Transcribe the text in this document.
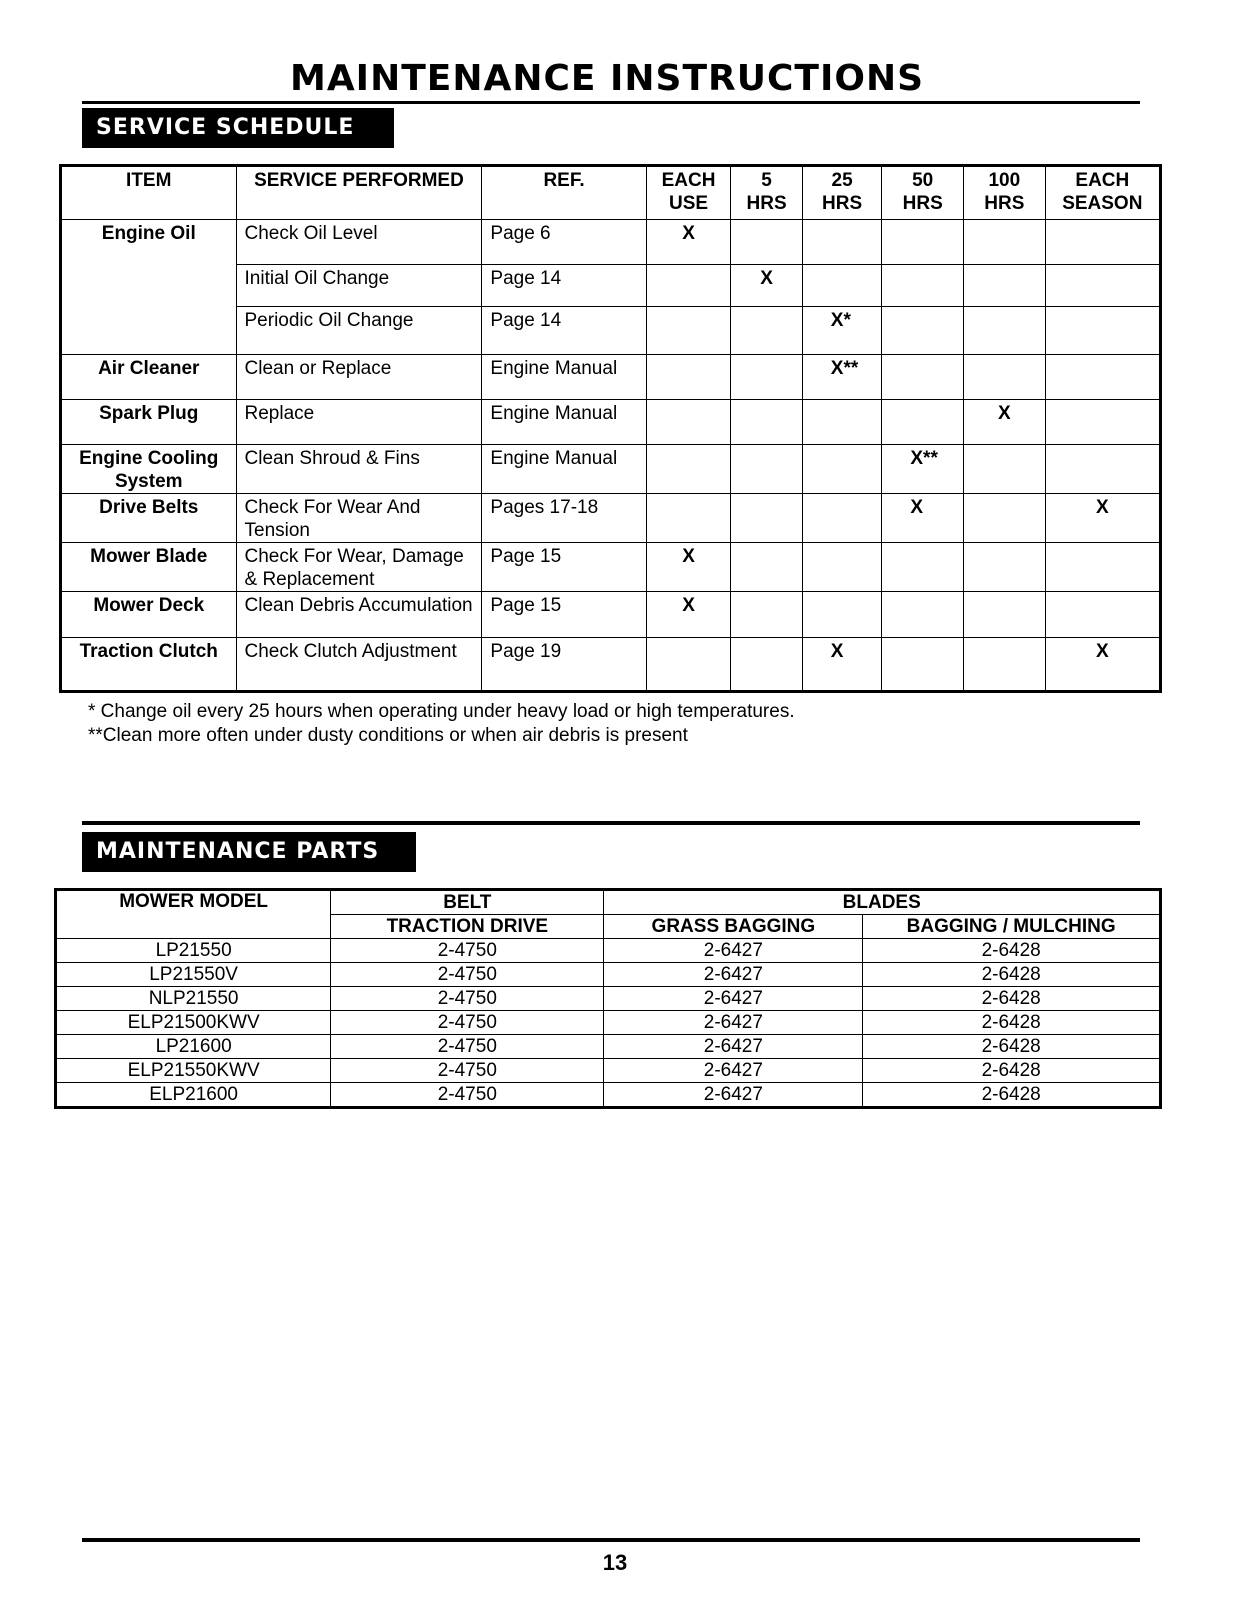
MAINTENANCE INSTRUCTIONS
SERVICE SCHEDULE
ITEM	SERVICE PERFORMED	REF.	EACH USE	5 HRS	25 HRS	50 HRS	100 HRS	EACH SEASON
Engine Oil	Check Oil Level	Page 6	X					
	Initial Oil Change	Page 14		X				
	Periodic Oil Change	Page 14			X*			
Air Cleaner	Clean or Replace	Engine Manual			X**			
Spark Plug	Replace	Engine Manual					X	
Engine Cooling System	Clean Shroud & Fins	Engine Manual				X**		
Drive Belts	Check For Wear And Tension	Pages 17-18				X		X
Mower Blade	Check For Wear, Damage & Replacement	Page 15	X					
Mower Deck	Clean Debris Accumulation	Page 15	X					
Traction Clutch	Check Clutch Adjustment	Page 19			X			X
* Change oil every 25 hours when operating under heavy load or high temperatures.
**Clean more often under dusty conditions or when air debris is present
MAINTENANCE PARTS
MOWER MODEL	BELT	BLADES	
	TRACTION DRIVE	GRASS BAGGING	BAGGING / MULCHING
LP21550	2-4750	2-6427	2-6428
LP21550V	2-4750	2-6427	2-6428
NLP21550	2-4750	2-6427	2-6428
ELP21500KWV	2-4750	2-6427	2-6428
LP21600	2-4750	2-6427	2-6428
ELP21550KWV	2-4750	2-6427	2-6428
ELP21600	2-4750	2-6427	2-6428
13
